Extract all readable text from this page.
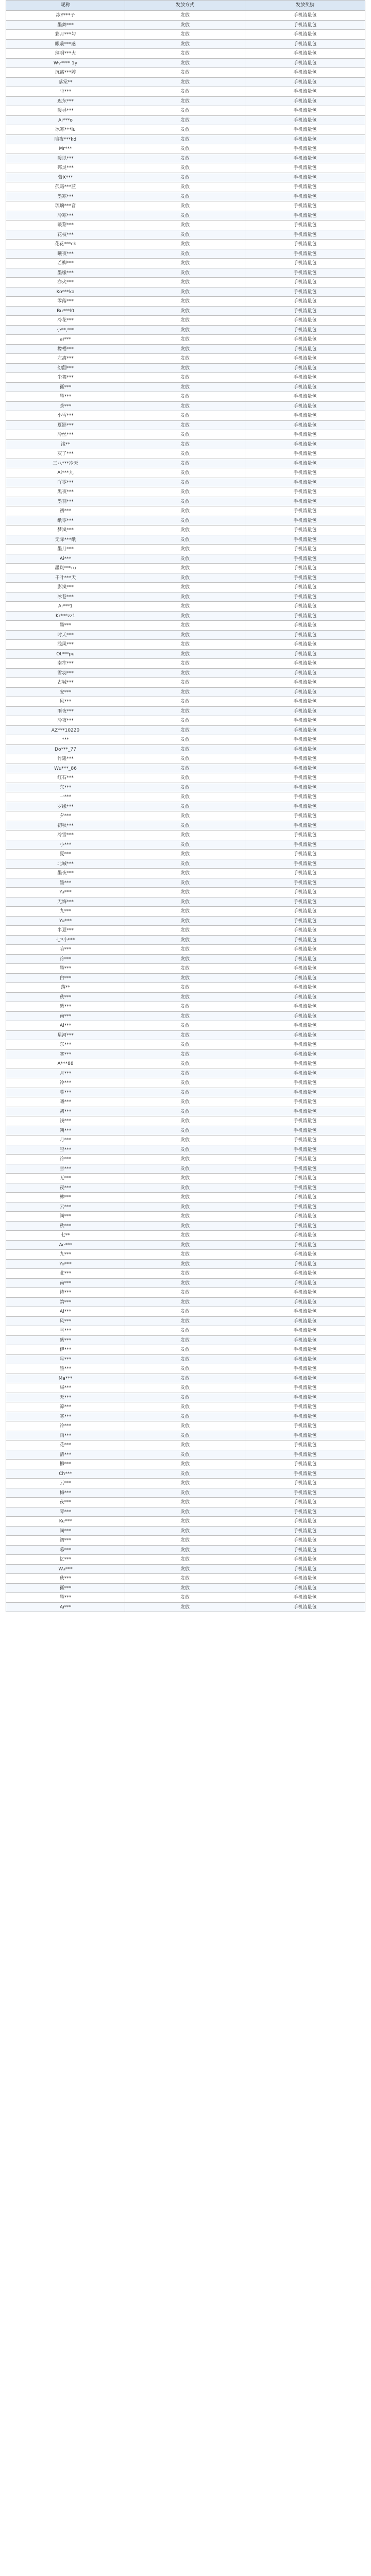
昵称	发放方式	发放奖励
冰Y***子	发放	手机流量包
墨舞***	发放	手机流量包
彩月***勾	发放	手机流量包
眼羲***感	发放	手机流量包
璃明***大	发放	手机流量包
Wv**** 1y	发放	手机流量包
沉离***婷	发放	手机流量包
落棠**	发放	手机流量包
尘***	发放	手机流量包
迟东***	发放	手机流量包
暖寻***	发放	手机流量包
Ai***o	发放	手机流量包
冰寒***lu	发放	手机流量包
暗夜***kd	发放	手机流量包
Mr***	发放	手机流量包
暖以***	发放	手机流量包
邦灵***	发放	手机流量包
紫X***	发放	手机流量包
孤霜***蓝	发放	手机流量包
墨寒***	发放	手机流量包
琉璃***音	发放	手机流量包
冷寒***	发放	手机流量包
暖黎***	发放	手机流量包
花枝***	发放	手机流量包
花花***ck	发放	手机流量包
曦夜***	发放	手机流量包
若柳***	发放	手机流量包
墨缘***	发放	手机流量包
亦火***	发放	手机流量包
Ko***ka	发放	手机流量包
零落***	发放	手机流量包
Bu***l0	发放	手机流量包
冷花***	发放	手机流量包
小**,***	发放	手机流量包
ai***	发放	手机流量包
橡梧***	发放	手机流量包
左离***	发放	手机流量包
幻翻***	发放	手机流量包
尘舞***	发放	手机流量包
孤***	发放	手机流量包
墨***	发放	手机流量包
茶***	发放	手机流量包
小雪***	发放	手机流量包
夏影***	发放	手机流量包
冷丝***	发放	手机流量包
浅**	发放	手机流量包
灰了***	发放	手机流量包
三八***冷天	发放	手机流量包
Ai***九	发放	手机流量包
吖零***	发放	手机流量包
黑夜***	发放	手机流量包
墨羽***	发放	手机流量包
初***	发放	手机流量包
纸零***	发放	手机流量包
梦岚***	发放	手机流量包
无际***纸	发放	手机流量包
墨月***	发放	手机流量包
Ai***	发放	手机流量包
墨岚***ru	发放	手机流量包
千叶***天	发放	手机流量包
影岚***	发放	手机流量包
冰巷***	发放	手机流量包
Ai***1	发放	手机流量包
Kr***zz1	发放	手机流量包
墨***	发放	手机流量包
时天***	发放	手机流量包
浅风***	发放	手机流量包
Ot***pu	发放	手机流量包
南笙***	发放	手机流量包
雪羽***	发放	手机流量包
古城***	发放	手机流量包
安***	发放	手机流量包
风***	发放	手机流量包
雨夜***	发放	手机流量包
冷夜***	发放	手机流量包
AZ***10220	发放	手机流量包
***	发放	手机流量包
Do***_77	发放	手机流量包
竹遥***	发放	手机流量包
Wu***_86	发放	手机流量包
红石***	发放	手机流量包
东***	发放	手机流量包
一***	发放	手机流量包
罗缘***	发放	手机流量包
夕***	发放	手机流量包
初秋***	发放	手机流量包
冷雪***	发放	手机流量包
小***	发放	手机流量包
夏***	发放	手机流量包
北城***	发放	手机流量包
墨夜***	发放	手机流量包
墨***	发放	手机流量包
Ya***	发放	手机流量包
无悔***	发放	手机流量包
九***	发放	手机流量包
Yu***	发放	手机流量包
半夏***	发放	手机流量包
七*小***	发放	手机流量包
哈***	发放	手机流量包
冷***	发放	手机流量包
墨***	发放	手机流量包
白***	发放	手机流量包
落**	发放	手机流量包
秋***	发放	手机流量包
紫***	发放	手机流量包
南***	发放	手机流量包
Ai***	发放	手机流量包
星河***	发放	手机流量包
东***	发放	手机流量包
寒***	发放	手机流量包
A***88	发放	手机流量包
月***	发放	手机流量包
冷***	发放	手机流量包
暮***	发放	手机流量包
曦***	发放	手机流量包
初***	发放	手机流量包
浅***	发放	手机流量包
朔***	发放	手机流量包
月***	发放	手机流量包
空***	发放	手机流量包
冷***	发放	手机流量包
雪***	发放	手机流量包
无***	发放	手机流量包
夜***	发放	手机流量包
林***	发放	手机流量包
云***	发放	手机流量包
尚***	发放	手机流量包
秋***	发放	手机流量包
七**	发放	手机流量包
Ae***	发放	手机流量包
九***	发放	手机流量包
Yo***	发放	手机流量包
北***	发放	手机流量包
南***	发放	手机流量包
诗***	发放	手机流量包
鸽***	发放	手机流量包
Ai***	发放	手机流量包
风***	发放	手机流量包
雪***	发放	手机流量包
紫***	发放	手机流量包
伊***	发放	手机流量包
星***	发放	手机流量包
墨***	发放	手机流量包
Ma***	发放	手机流量包
柒***	发放	手机流量包
无***	发放	手机流量包
凉***	发放	手机流量包
寒***	发放	手机流量包
冷***	发放	手机流量包
雨***	发放	手机流量包
花***	发放	手机流量包
清***	发放	手机流量包
柳***	发放	手机流量包
Ch***	发放	手机流量包
云***	发放	手机流量包
梅***	发放	手机流量包
夜***	发放	手机流量包
零***	发放	手机流量包
Ke***	发放	手机流量包
尚***	发放	手机流量包
初***	发放	手机流量包
暮***	发放	手机流量包
忆***	发放	手机流量包
Wa***	发放	手机流量包
秋***	发放	手机流量包
孤***	发放	手机流量包
墨***	发放	手机流量包
Ai***	发放	手机流量包
